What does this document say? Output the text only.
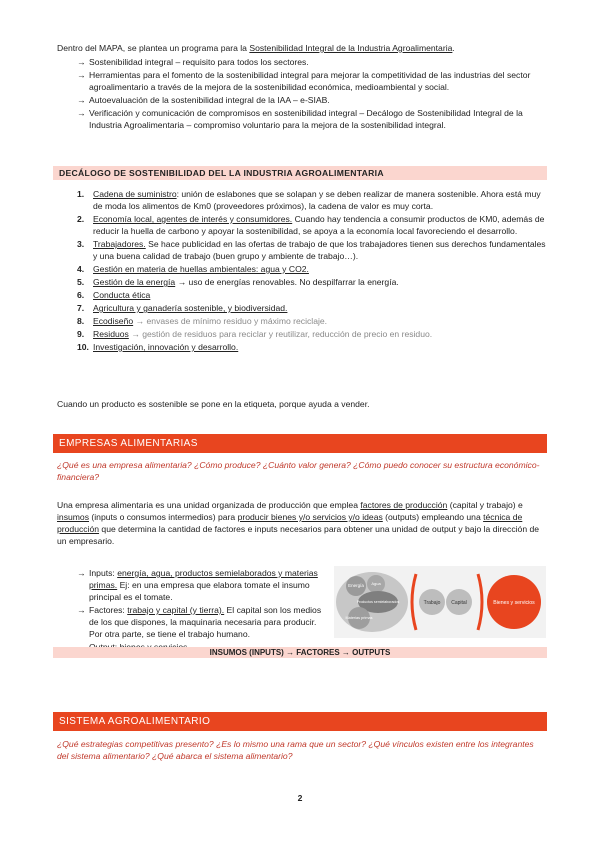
Dentro del MAPA, se plantea un programa para la Sostenibilidad Integral de la Industria Agroalimentaria.
→ Sostenibilidad integral – requisito para todos los sectores.
→ Herramientas para el fomento de la sostenibilidad integral para mejorar la competitividad de las industrias del sector agroalimentario a través de la mejora de la sostenibilidad económica, medioambiental y social.
→ Autoevaluación de la sostenibilidad integral de la IAA – e-SIAB.
→ Verificación y comunicación de compromisos en sostenibilidad integral – Decálogo de Sostenibilidad Integral de la Industria Agroalimentaria – compromiso voluntario para la mejora de la sostenibilidad integral.
DECÁLOGO DE SOSTENIBILIDAD DEL LA INDUSTRIA AGROALIMENTARIA
1. Cadena de suministro: unión de eslabones que se solapan y se deben realizar de manera sostenible. Ahora está muy de moda los alimentos de Km0 (proveedores próximos), la cadena de valor es muy corta.
2. Economía local, agentes de interés y consumidores. Cuando hay tendencia a consumir productos de KM0, además de reducir la huella de carbono y apoyar la sostenibilidad, se apoya a la economía local favoreciendo el desarrollo.
3. Trabajadores. Se hace publicidad en las ofertas de trabajo de que los trabajadores tienen sus derechos fundamentales y una buena calidad de trabajo (buen grupo y ambiente de trabajo…).
4. Gestión en materia de huellas ambientales: agua y CO2.
5. Gestión de la energía → uso de energías renovables. No despilfarrar la energía.
6. Conducta ética
7. Agricultura y ganadería sostenible, y biodiversidad.
8. Ecodiseño → envases de mínimo residuo y máximo reciclaje.
9. Residuos → gestión de residuos para reciclar y reutilizar, reducción de precio en residuo.
10. Investigación, innovación y desarrollo.
Cuando un producto es sostenible se pone en la etiqueta, porque ayuda a vender.
EMPRESAS ALIMENTARIAS
¿Qué es una empresa alimentaria? ¿Cómo produce? ¿Cuánto valor genera? ¿Cómo puedo conocer su estructura económico-financiera?
Una empresa alimentaria es una unidad organizada de producción que emplea factores de producción (capital y trabajo) e insumos (inputs o consumos intermedios) para producir bienes y/o servicios y/o ideas (outputs) empleando una técnica de producción que determina la cantidad de factores e inputs necesarios para obtener una unidad de output y bajo la dirección de un empresario.
→ Inputs: energía, agua, productos semielaborados y materias primas. Ej: en una empresa que elabora tomate el insumo principal es el tomate.
→ Factores: trabajo y capital (y tierra). El capital son los medios de los que dispones, la maquinaria necesaria para producir. Por otra parte, se tiene el trabajo humano.
Energía Agua
Productos semielaborados
Materias primas
Trabajo Capital	Bienes y servicios
INSUMOS (INPUTS) → FACTORES → OUTPUTS
SISTEMA AGROALIMENTARIO
¿Qué estrategias competitivas presento? ¿Es lo mismo una rama que un sector? ¿Qué vínculos existen entre los integrantes del sistema alimentario? ¿Qué abarca el sistema alimentario?
2
